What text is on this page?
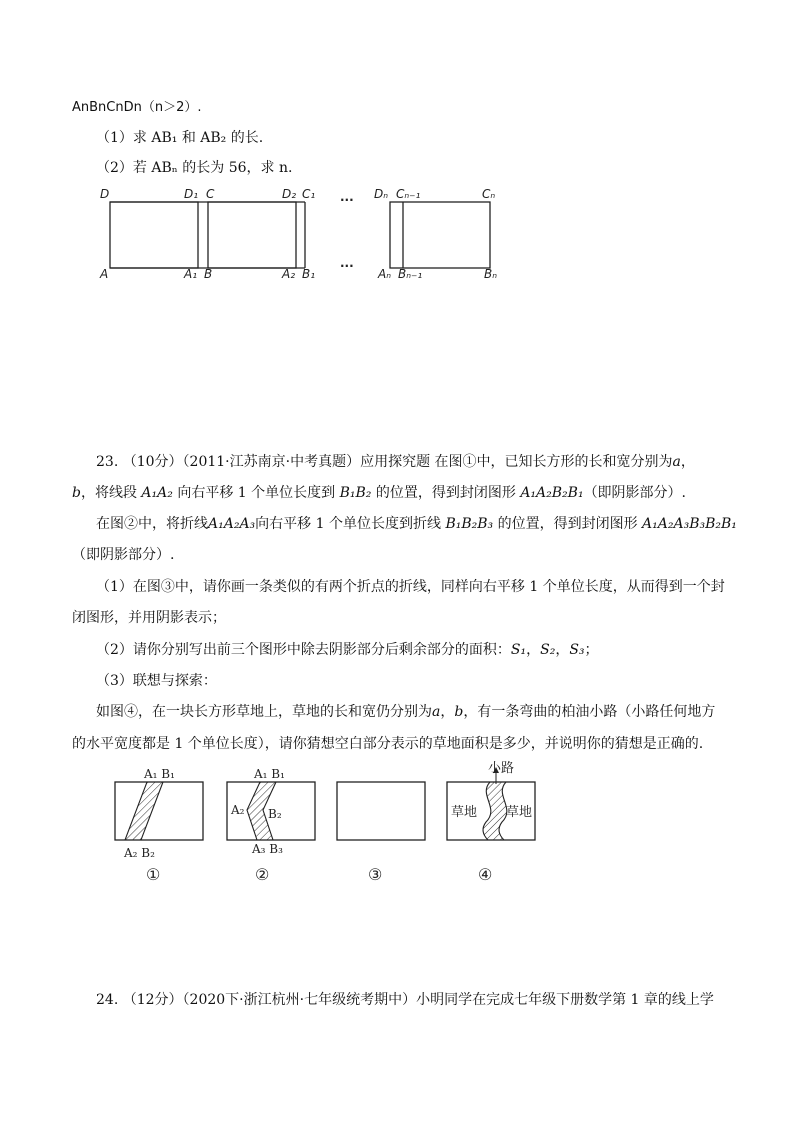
AnBnCnDn（n＞2）.
（1）求 AB₁ 和 AB₂ 的长.
（2）若 ABₙ 的长为 56，求 n.
D	D₁ C	D₂ C₁ ··· Dₙ Cₙ₋₁	Cₙ
A	A₁ B	A₂ B₁
···
Aₙ Bₙ₋₁	Bₙ
23. （10分）（2011·江苏南京·中考真题）应用探究题 在图①中，已知长方形的长和宽分别为a，
b，将线段 A₁A₂ 向右平移 1 个单位长度到 B₁B₂ 的位置，得到封闭图形 A₁A₂B₂B₁（即阴影部分）.
在图②中，将折线A₁A₂A₃向右平移 1 个单位长度到折线 B₁B₂B₃ 的位置，得到封闭图形 A₁A₂A₃B₃B₂B₁
（即阴影部分）.
（1）在图③中，请你画一条类似的有两个折点的折线，同样向右平移 1 个单位长度，从而得到一个封
闭图形，并用阴影表示；
（2）请你分别写出前三个图形中除去阴影部分后剩余部分的面积：S₁，S₂，S₃；
（3）联想与探索：
如图④，在一块长方形草地上，草地的长和宽仍分别为a，b，有一条弯曲的柏油小路（小路任何地方
的水平宽度都是 1 个单位长度），请你猜想空白部分表示的草地面积是多少，并说明你的猜想是正确的.
A₁ B₁
A₂ B₂
①
A₁ B₁
A₂ B₂
A₃ B₃
②	③
小路
草地 草地
④
24. （12分）（2020下·浙江杭州·七年级统考期中）小明同学在完成七年级下册数学第 1 章的线上学
